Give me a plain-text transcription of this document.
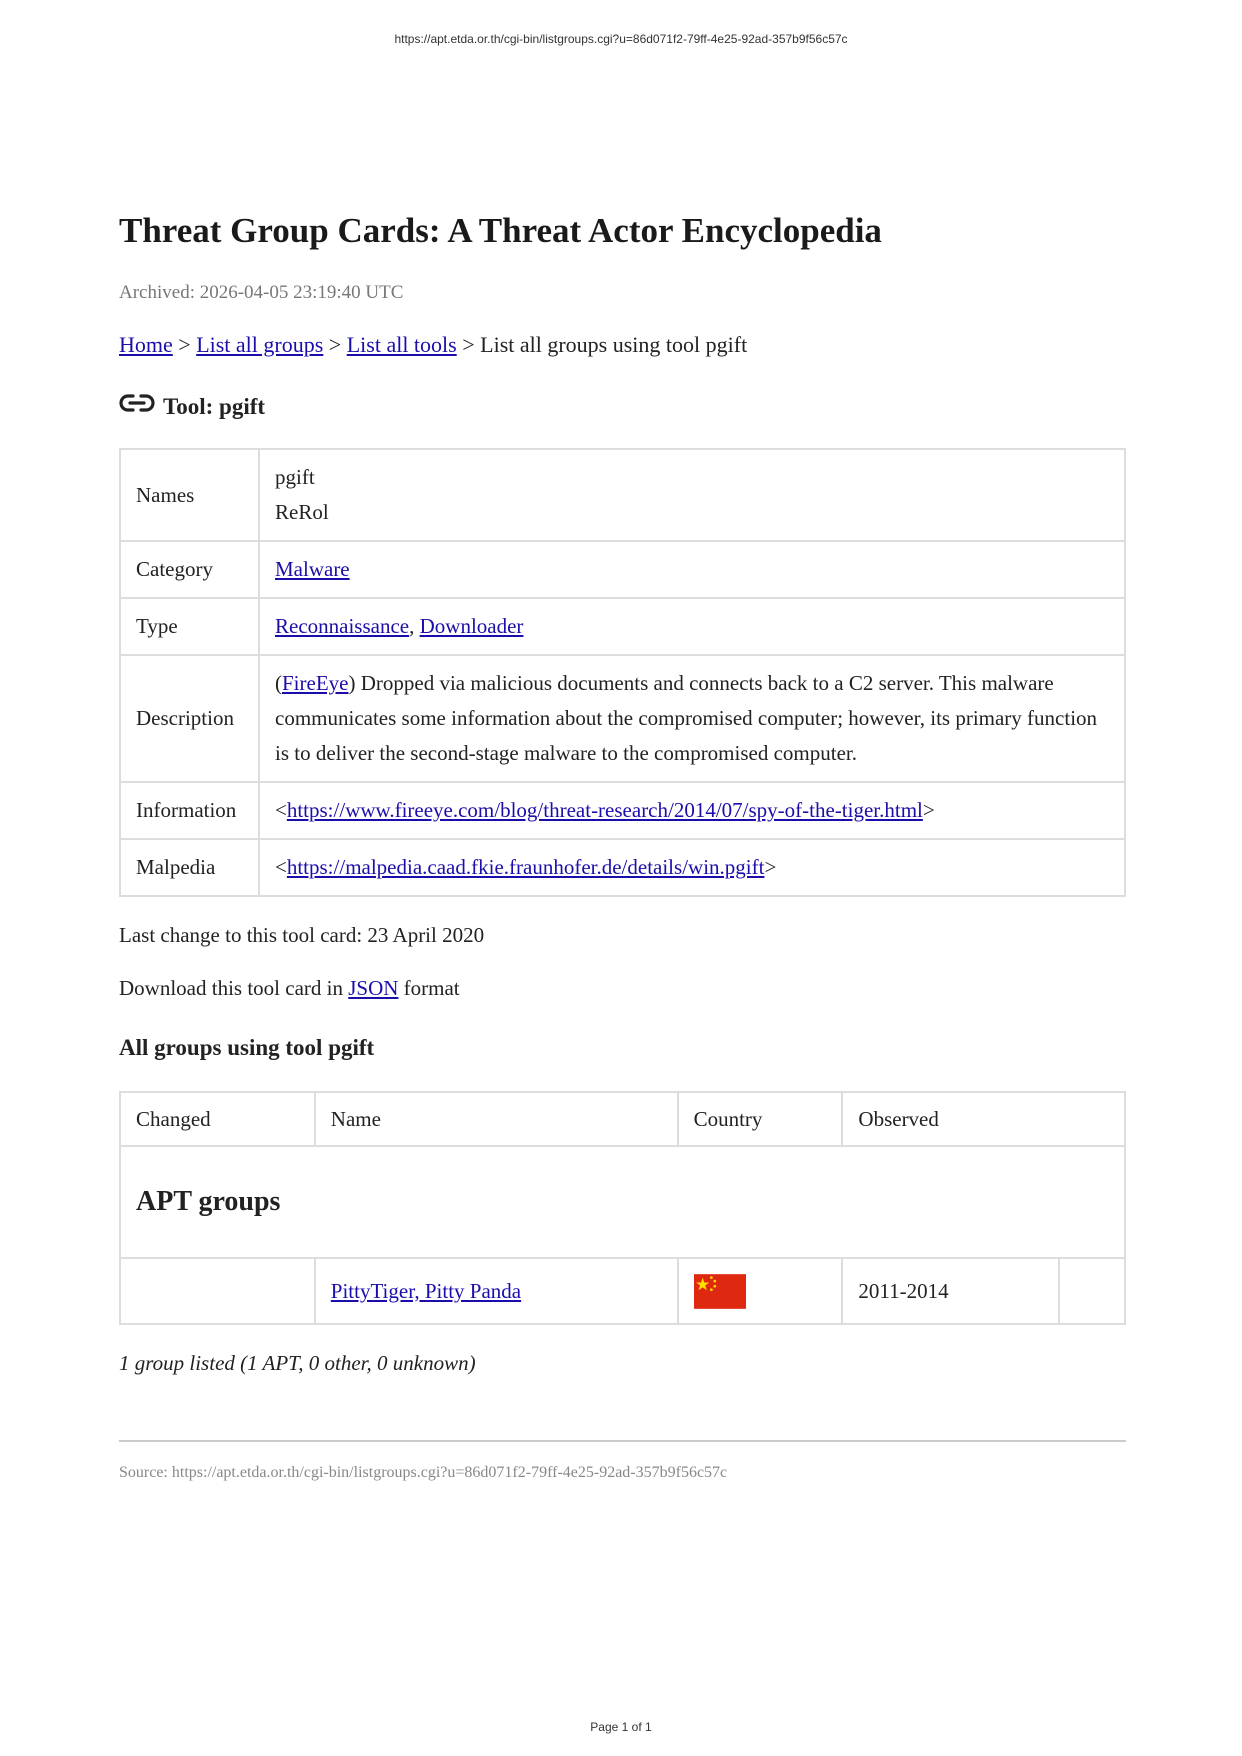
https://apt.etda.or.th/cgi-bin/listgroups.cgi?u=86d071f2-79ff-4e25-92ad-357b9f56c57c
Threat Group Cards: A Threat Actor Encyclopedia
Archived: 2026-04-05 23:19:40 UTC
Home > List all groups > List all tools > List all groups using tool pgift
Tool: pgift
Names	pgift
ReRol

Category	Malware
Type	Reconnaissance, Downloader
Description	(FireEye) Dropped via malicious documents and connects back to a C2 server. This malware communicates some information about the compromised computer; however, its primary function is to deliver the second-stage malware to the compromised computer.
Information	<https://www.fireeye.com/blog/threat-research/2014/07/spy-of-the-tiger.html>
Malpedia	<https://malpedia.caad.fkie.fraunhofer.de/details/win.pgift>
Last change to this tool card: 23 April 2020
Download this tool card in JSON format
All groups using tool pgift
Changed	Name	Country	Observed	
APT groups				
	PittyTiger, Pitty Panda		2011-2014	
1 group listed (1 APT, 0 other, 0 unknown)
Source: https://apt.etda.or.th/cgi-bin/listgroups.cgi?u=86d071f2-79ff-4e25-92ad-357b9f56c57c
Page 1 of 1
